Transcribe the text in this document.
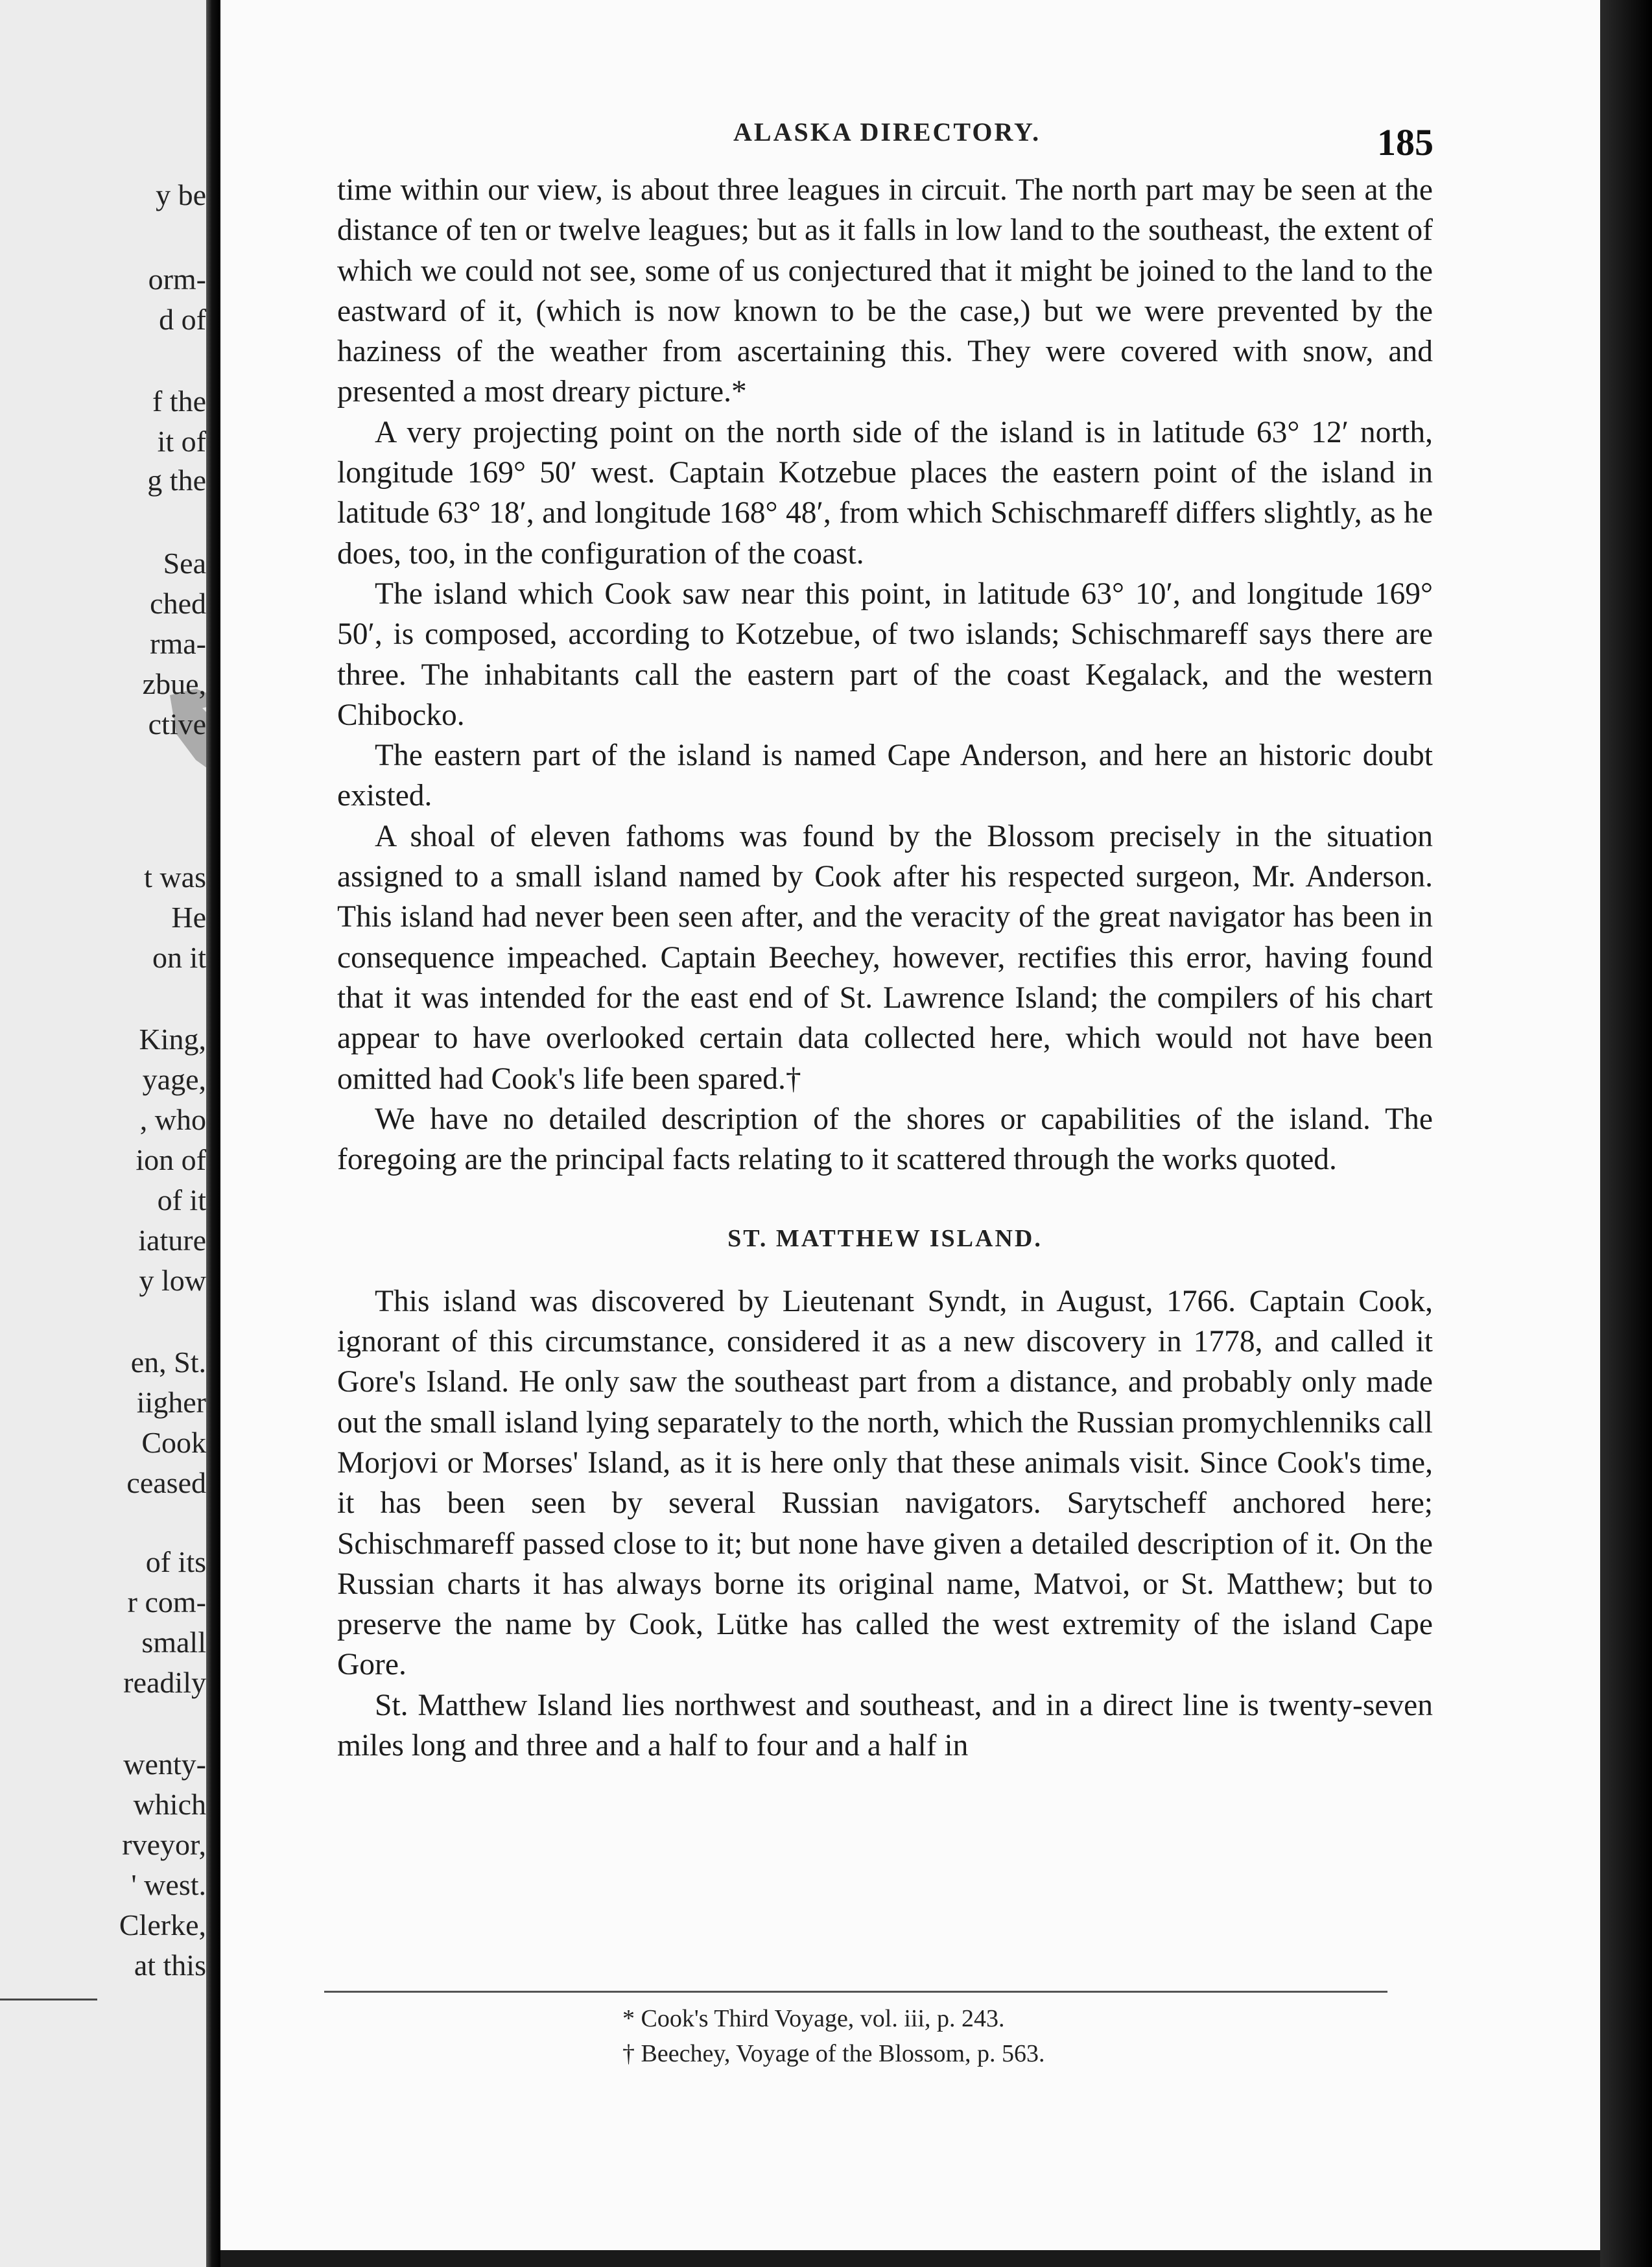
y be
orm-
d of
f the
it of
g the
Sea
ched
rma-
zbue,
ctive
t was
He
on it
King,
yage,
, who
ion of
of it
iature
y low
en, St.
iigher
Cook
ceased
of its
r com-
small
readily
wenty-
which
rveyor,
' west.
Clerke,
at this
ALASKA DIRECTORY.	185

time within our view, is about three leagues in circuit. The north part may be seen at the distance of ten or twelve leagues; but as it falls in low land to the southeast, the extent of which we could not see, some of us conjectured that it might be joined to the land to the eastward of it, (which is now known to be the case,) but we were prevented by the haziness of the weather from ascertaining this. They were covered with snow, and presented a most dreary picture.*

A very projecting point on the north side of the island is in latitude 63° 12′ north, longitude 169° 50′ west. Captain Kotzebue places the eastern point of the island in latitude 63° 18′, and longitude 168° 48′, from which Schischmareff differs slightly, as he does, too, in the configuration of the coast.

The island which Cook saw near this point, in latitude 63° 10′, and longitude 169° 50′, is composed, according to Kotzebue, of two islands; Schischmareff says there are three. The inhabitants call the eastern part of the coast Kegalack, and the western Chibocko.

The eastern part of the island is named Cape Anderson, and here an historic doubt existed.

A shoal of eleven fathoms was found by the Blossom precisely in the situation assigned to a small island named by Cook after his respected surgeon, Mr. Anderson. This island had never been seen after, and the veracity of the great navigator has been in consequence impeached. Captain Beechey, however, rectifies this error, having found that it was intended for the east end of St. Lawrence Island; the compilers of his chart appear to have overlooked certain data collected here, which would not have been omitted had Cook's life been spared.†

We have no detailed description of the shores or capabilities of the island. The foregoing are the principal facts relating to it scattered through the works quoted.

ST. MATTHEW ISLAND.

This island was discovered by Lieutenant Syndt, in August, 1766. Captain Cook, ignorant of this circumstance, considered it as a new discovery in 1778, and called it Gore's Island. He only saw the southeast part from a distance, and probably only made out the small island lying separately to the north, which the Russian promychlenniks call Morjovi or Morses' Island, as it is here only that these animals visit. Since Cook's time, it has been seen by several Russian navigators. Sarytscheff anchored here; Schischmareff passed close to it; but none have given a detailed description of it. On the Russian charts it has always borne its original name, Matvoi, or St. Matthew; but to preserve the name by Cook, Lütke has called the west extremity of the island Cape Gore.

St. Matthew Island lies northwest and southeast, and in a direct line is twenty-seven miles long and three and a half to four and a half in

* Cook's Third Voyage, vol. iii, p. 243.
† Beechey, Voyage of the Blossom, p. 563.
